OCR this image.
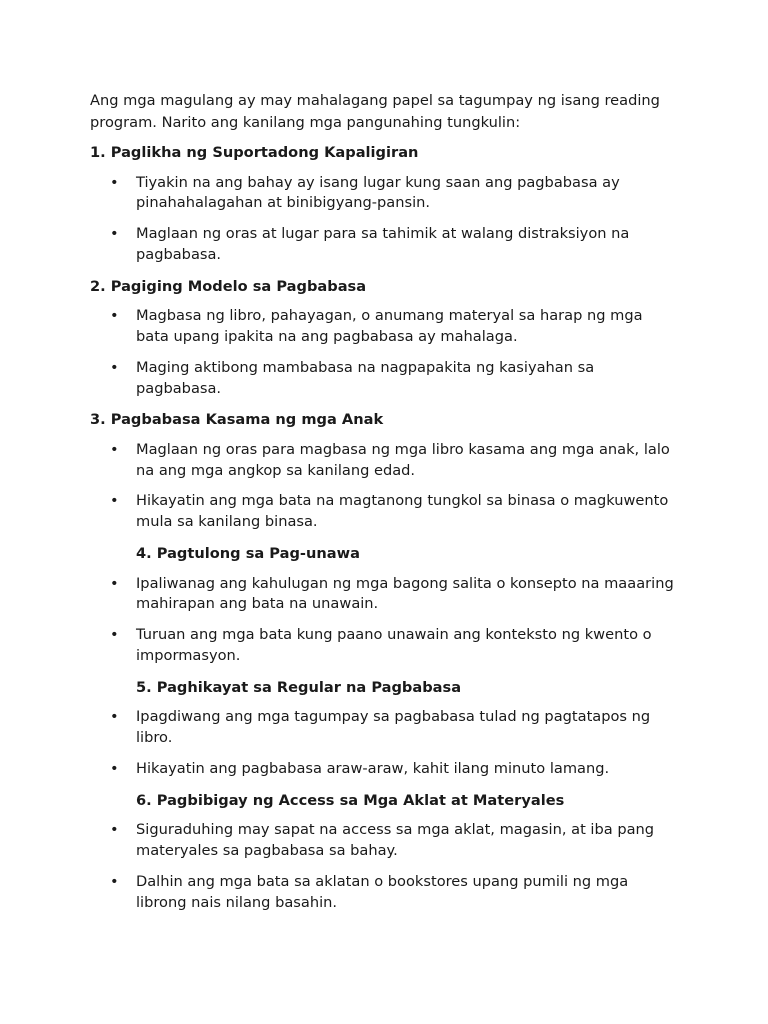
Ang mga magulang ay may mahalagang papel sa tagumpay ng isang reading program. Narito ang kanilang mga pangunahing tungkulin:

1. Paglikha ng Suportadong Kapaligiran
• Tiyakin na ang bahay ay isang lugar kung saan ang pagbabasa ay pinahahalagahan at binibigyang-pansin.
• Maglaan ng oras at lugar para sa tahimik at walang distraksiyon na pagbabasa.
2. Pagiging Modelo sa Pagbabasa
• Magbasa ng libro, pahayagan, o anumang materyal sa harap ng mga bata upang ipakita na ang pagbabasa ay mahalaga.
• Maging aktibong mambabasa na nagpapakita ng kasiyahan sa pagbabasa.
3. Pagbabasa Kasama ng mga Anak
• Maglaan ng oras para magbasa ng mga libro kasama ang mga anak, lalo na ang mga angkop sa kanilang edad.
• Hikayatin ang mga bata na magtanong tungkol sa binasa o magkuwento mula sa kanilang binasa.
4. Pagtulong sa Pag-unawa
• Ipaliwanag ang kahulugan ng mga bagong salita o konsepto na maaaring mahirapan ang bata na unawain.
• Turuan ang mga bata kung paano unawain ang konteksto ng kwento o impormasyon.
5. Paghikayat sa Regular na Pagbabasa
• Ipagdiwang ang mga tagumpay sa pagbabasa tulad ng pagtatapos ng libro.
• Hikayatin ang pagbabasa araw-araw, kahit ilang minuto lamang.
6. Pagbibigay ng Access sa Mga Aklat at Materyales
• Siguraduhing may sapat na access sa mga aklat, magasin, at iba pang materyales sa pagbabasa sa bahay.
• Dalhin ang mga bata sa aklatan o bookstores upang pumili ng mga librong nais nilang basahin.
